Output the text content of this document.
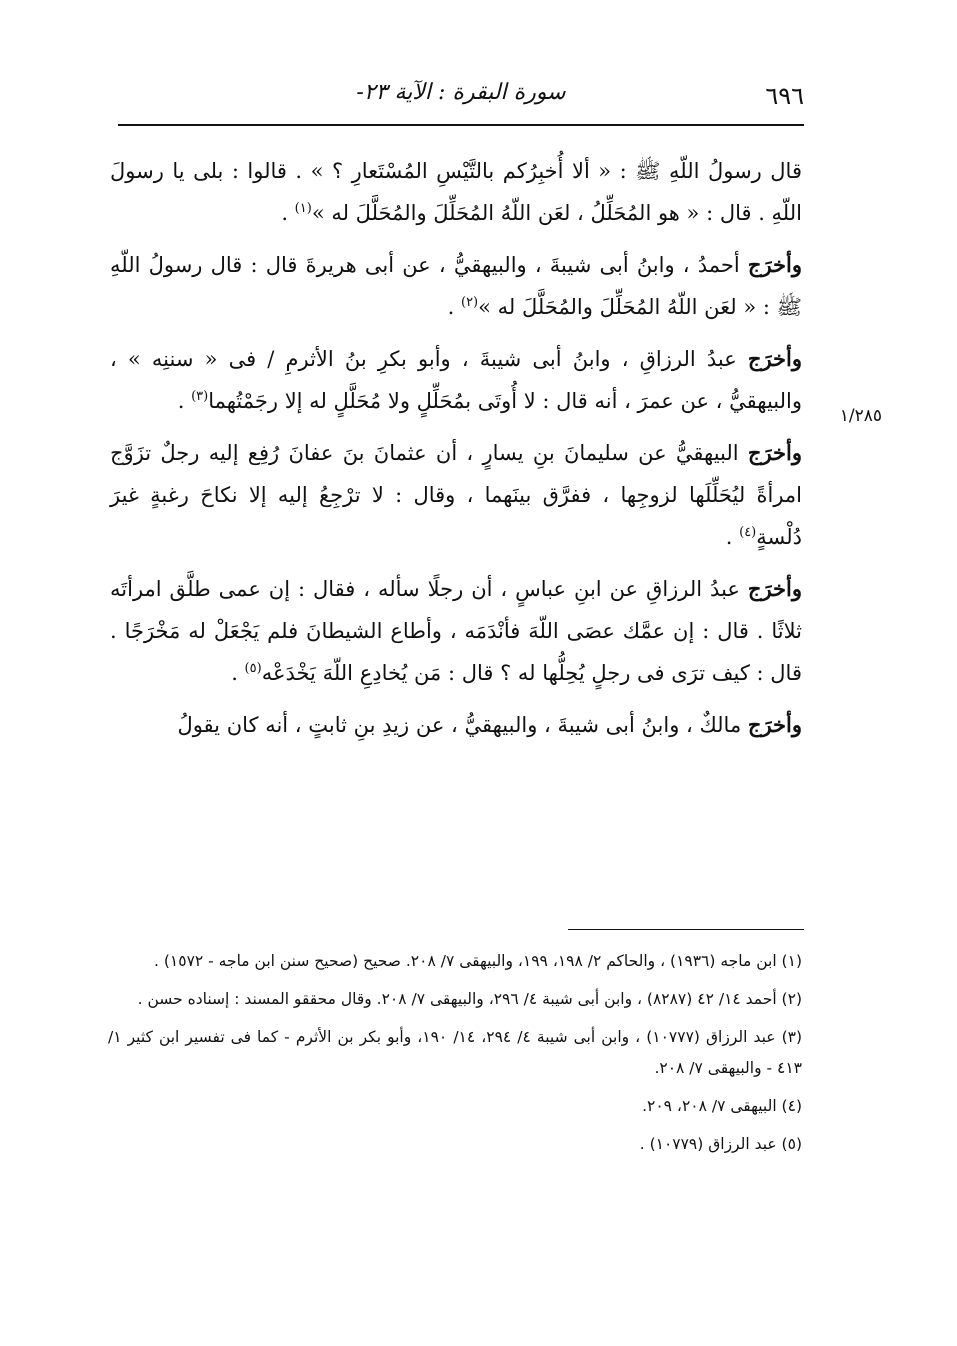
٦٩٦
سورة البقرة : الآية ٢٣-
١/٢٨٥

قال رسولُ اللّهِ ﷺ : « ألا أُخبِرُكم بالتَّيْسِ المُسْتَعارِ ؟ » . قالوا : بلى يا رسولَ اللّهِ . قال : « هو المُحَلِّلُ ، لعَن اللّهُ المُحَلِّلَ والمُحَلَّلَ له »$^{(١)}$ .

وأخرَج أحمدُ ، وابنُ أبى شيبةَ ، والبيهقيُّ ، عن أبى هريرةَ قال : قال رسولُ اللّهِ ﷺ : « لعَن اللّهُ المُحَلِّلَ والمُحَلَّلَ له »$^{(٢)}$ .

وأخرَج عبدُ الرزاقِ ، وابنُ أبى شيبةَ ، وأبو بكرِ بنُ الأثرمِ / فى « سننِه » ، والبيهقيُّ ، عن عمرَ ، أنه قال : لا أُوتَى بمُحَلِّلٍ ولا مُحَلَّلٍ له إلا رجَمْتُهما$^{(٣)}$ .

وأخرَج البيهقيُّ عن سليمانَ بنِ يسارٍ ، أن عثمانَ بنَ عفانَ رُفِع إليه رجلٌ تزَوَّج امرأةً ليُحَلِّلَها لزوجِها ، ففرَّق بينَهما ، وقال : لا ترْجِعُ إليه إلا نكاحَ رغبةٍ غيرَ دُلْسةٍ$^{(٤)}$ .

وأخرَج عبدُ الرزاقِ عن ابنِ عباسٍ ، أن رجلًا سأله ، فقال : إن عمى طلَّق امرأتَه ثلاثًا . قال : إن عمَّك عصَى اللّهَ فأنْدَمَه ، وأطاع الشيطانَ فلم يَجْعَلْ له مَخْرَجًا . قال : كيف ترَى فى رجلٍ يُحِلُّها له ؟ قال : مَن يُخادِعِ اللّهَ يَخْدَعْه$^{(٥)}$ .

وأخرَج مالكٌ ، وابنُ أبى شيبةَ ، والبيهقيُّ ، عن زيدِ بنِ ثابتٍ ، أنه كان يقولُ

(١) ابن ماجه (١٩٣٦) ، والحاكم ٢/ ١٩٨، ١٩٩، والبيهقى ٧/ ٢٠٨. صحيح (صحيح سنن ابن ماجه - ١٥٧٢) .

(٢) أحمد ١٤/ ٤٢ (٨٢٨٧) ، وابن أبى شيبة ٤/ ٢٩٦، والبيهقى ٧/ ٢٠٨. وقال محققو المسند : إسناده حسن .

(٣) عبد الرزاق (١٠٧٧٧) ، وابن أبى شيبة ٤/ ٢٩٤، ١٤/ ١٩٠، وأبو بكر بن الأثرم - كما فى تفسير ابن كثير ١/ ٤١٣ - والبيهقى ٧/ ٢٠٨.

(٤) البيهقى ٧/ ٢٠٨، ٢٠٩.

(٥) عبد الرزاق (١٠٧٧٩) .
